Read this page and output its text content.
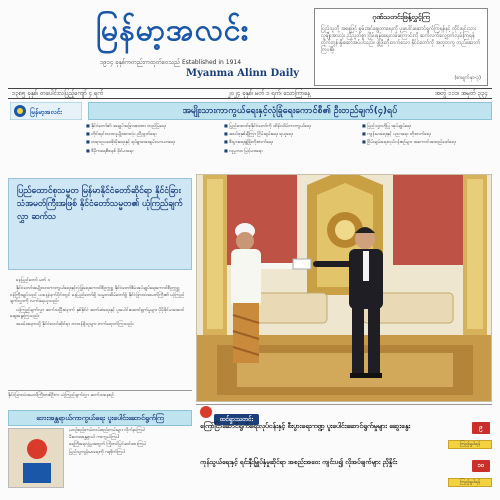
မြန်မာ့အလင်း
၁၉၁၄ ခုနှစ်ကတည်းကထုတ်ဝေသည် Established in 1914
Myanma Alinn Daily
ဂုဏ်သတင်းဖြန့်လွှင့်ကြ

ပြည်သူတို့ အနေဖြင့် စွမ်းအင်ချွေတာရေးကို ပူးပေါင်းဆောင်ရွက်ကြရန်နှင့် တိုင်းရင်းသားလူမျိုးအားလုံး ညီညွတ်စွာ ငြိမ်းချမ်းရေးလမ်းကြောင်းကို ဆက်လက်လျှောက်လှမ်းကြရန် တိုက်တွန်းနှိုးဆော်အပ်ပါသည်။ ဖွံ့ဖြိုးတိုးတက်သော နိုင်ငံတော်ကို အတူတကွ တည်ဆောက်ကြပါစို့။

(စာမျက်နှာ-၃)
၁၃၈၅ ခုနှစ်၊ တပေါင်းလပြည့်ကျော် ၄ ရက်	၂၀၂၄ ခုနှစ်၊ မတ် ၁ ရက်၊ သောကြာနေ့	အတွဲ ၁၁၁၊ အမှတ် ၃၃၄
မြန်မာ့အလင်း	အမျိုးသားကာကွယ်ရေးနှင့်လုံခြုံရေးကောင်စီ၏ ဦးတည်ချက်(၄)ရပ်

■ နိုင်ငံတော်၏ အချုပ်အခြာအာဏာ တည်မြဲရေး

■ တိုင်းရင်းသားလူမျိုးအားလုံး ညီညွတ်ရေး

■ တရားဥပဒေစိုးမိုးရေးနှင့် ရပ်ရွာအေးချမ်းသာယာရေး

■ ဒီမိုကရေစီစနစ် ခိုင်မာရေး

■ ပြည်ထောင်စုနိုင်ငံတော်ကို ထိန်းသိမ်းကာကွယ်ရေး

■ ဆယ်စုနှစ်ချီကြာ ငြိမ်းချမ်းရေး ရယူရေး

■ စီးပွားရေးဖွံ့ဖြိုးတိုးတက်ရေး

■ လူမှုဘဝ မြင့်မားရေး

■ ပြည်သူ့ဗဟိုပြု အုပ်ချုပ်ရေး

■ ကျန်းမာရေးနှင့် ပညာရေး တိုးတက်ရေး

■ ငြိမ်းချမ်းရေးလုပ်ငန်းစဉ်များ အကောင်အထည်ဖော်ရေး

ပြည်ထောင်စုသမ္မတ မြန်မာနိုင်ငံတော်ဆိုင်ရာ နိုင်ငံခြားသံအမတ်ကြီးအဖြစ် နိုင်ငံတော်သမ္မတ၏ ယုံကြည်ချက်လွှာ ဆက်သ

နေပြည်တော် မတ် ၁

နိုင်ငံတော်အမျိုးသားကာကွယ်ရေးနှင့်လုံခြုံရေးကောင်စီဥက္ကဋ္ဌ နိုင်ငံတော်စီမံအုပ်ချုပ်ရေးကောင်စီဥက္ကဋ္ဌ ဝန်ကြီးချုပ်သည် ယနေ့နံနက်ပိုင်းတွင် နေပြည်တော်ရှိ သမ္မတအိမ်တော်၌ နိုင်ငံခြားသံအမတ်ကြီး၏ ယုံကြည်ချက်လွှာကို လက်ခံရယူသည်။

ယုံကြည်ချက်လွှာ ဆက်သပြီးနောက် နှစ်နိုင်ငံ ဆက်ဆံရေးနှင့် ပူးပေါင်းဆောင်ရွက်မှုများ ပိုမိုခိုင်မာအောင် ဆွေးနွေးကြသည်။

အခမ်းအနားသို့ နိုင်ငံတော်ဆိုင်ရာ တာဝန်ရှိသူများ တက်ရောက်ကြသည်။

နိုင်ငံခြားသံအမတ်ကြီးတစ်ဦးက ယုံကြည်ချက်လွှာ ဆက်သနေစဉ်
ဘေးအန္တရာယ်ကာကွယ်ရေး ပူးပေါင်းဆောင်ရွက်ကြ

ယာဉ်စည်းကမ်းလမ်းစည်းကမ်းများ လိုက်နာကြပါ

မီးဘေးအန္တရာယ် ကာကွယ်ကြပါ

ရေကြီးရေလျှံမှုအတွက် ကြိုတင်ပြင်ဆင်ထားကြပါ

ပြည်သူ့ကျန်းမာရေးကို ဂရုစိုက်ကြပါ

ထင်ရှားသတင်း
ကြော်ငြာဆောင်ရွက်ရေးလုပ်ငန်းနှင့် စီးပွားရေးကဏ္ဍ ပူးပေါင်းဆောင်ရွက်မှုများ ဆွေးနွေး
ကြည့်ရှုပါရန်
၉
ကုန်သွယ်ရေးနှင့် ရင်းနှီးမြှုပ်နှံမှုဆိုင်ရာ အစည်းအဝေး ကျင်းပ၍ လိုအပ်ချက်များ ညှိနှိုင်း
ကြည့်ရှုပါရန်
၁၀
